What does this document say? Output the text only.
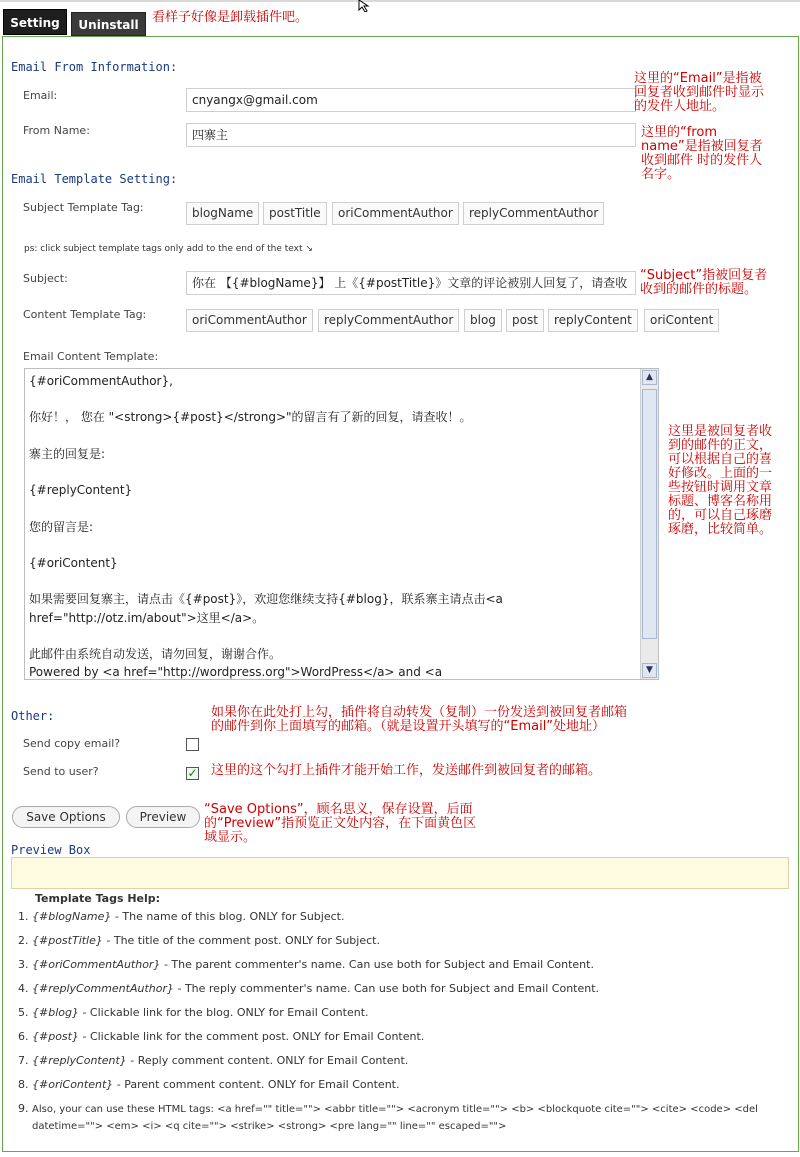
Setting	Uninstall	看样子好像是卸载插件吧。
Email From Information:
Email:	cnyangx@gmail.com
这里的“Email”是指被回复者收到邮件时显示的发件人地址。
From Name:	四寨主	这里的“from name”是指被回复者收到邮件 时的发件人名字。
Email Template Setting:
Subject Template Tag:	blogName	postTitle	oriCommentAuthor	replyCommentAuthor
ps: click subject template tags only add to the end of the text ↘
Subject:	你在 【{#blogName}】 上《{#postTitle}》文章的评论被别人回复了，请查收 “Subject”指被回复者收到的邮件的标题。
Content Template Tag:	oriCommentAuthor	replyCommentAuthor	blog	post	replyContent	oriContent
Email Content Template:
{#oriCommentAuthor},

你好！， 您在 "<strong>{#post}</strong>"的留言有了新的回复，请查收！。

寨主的回复是:

{#replyContent}

您的留言是:

{#oriContent}

如果需要回复寨主，请点击《{#post}》，欢迎您继续支持{#blog}，联系寨主请点击<a
href="http://otz.im/about">这里</a>。

此邮件由系统自动发送，请勿回复，谢谢合作。
Powered by <a href="http://wordpress.org">WordPress</a> and <a
▲
▼
这里是被回复者收到的邮件的正文，可以根据自己的喜好修改。上面的一些按钮时调用文章标题、博客名称用的，可以自己琢磨琢磨，比较简单。
Other:	如果你在此处打上勾，插件将自动转发（复制）一份发送到被回复者邮箱的邮件到你上面填写的邮箱。（就是设置开头填写的“Email”处地址）
Send copy email?
Send to user?	✓ 这里的这个勾打上插件才能开始工作，发送邮件到被回复者的邮箱。
Save Options	Preview	“Save Options”，顾名思义，保存设置，后面的“Preview”指预览正文处内容，在下面黄色区域显示。
Preview Box
Template Tags Help:
1. {#blogName} - The name of this blog. ONLY for Subject.
2. {#postTitle} - The title of the comment post. ONLY for Subject.
3. {#oriCommentAuthor} - The parent commenter's name. Can use both for Subject and Email Content.
4. {#replyCommentAuthor} - The reply commenter's name. Can use both for Subject and Email Content.
5. {#blog} - Clickable link for the blog. ONLY for Email Content.
6. {#post} - Clickable link for the comment post. ONLY for Email Content.
7. {#replyContent} - Reply comment content. ONLY for Email Content.
8. {#oriContent} - Parent comment content. ONLY for Email Content.
9. Also, your can use these HTML tags: <a href="" title=""> <abbr title=""> <acronym title=""> <b> <blockquote cite=""> <cite> <code> <del
datetime=""> <em> <i> <q cite=""> <strike> <strong> <pre lang="" line="" escaped="">
